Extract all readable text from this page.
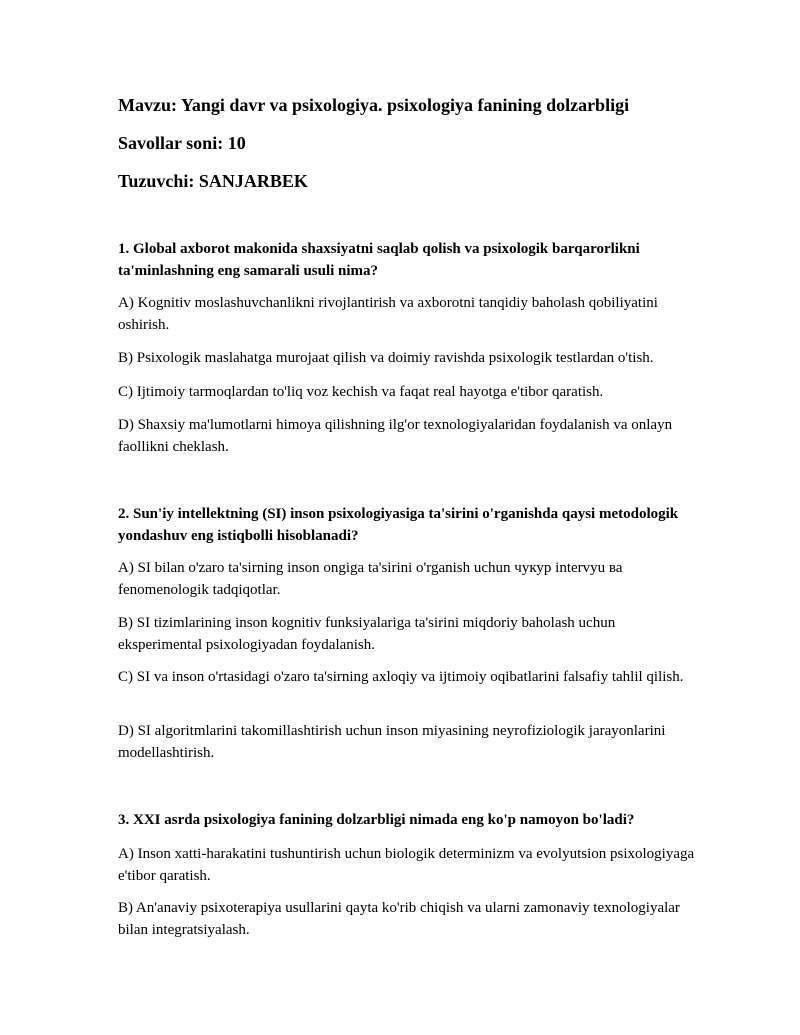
Mavzu: Yangi davr va psixologiya. psixologiya fanining dolzarbligi
Savollar soni: 10
Tuzuvchi: SANJARBEK
1. Global axborot makonida shaxsiyatni saqlab qolish va psixologik barqarorlikni ta'minlashning eng samarali usuli nima?
A) Kognitiv moslashuvchanlikni rivojlantirish va axborotni tanqidiy baholash qobiliyatini oshirish.
B) Psixologik maslahatga murojaat qilish va doimiy ravishda psixologik testlardan o'tish.
C) Ijtimoiy tarmoqlardan to'liq voz kechish va faqat real hayotga e'tibor qaratish.
D) Shaxsiy ma'lumotlarni himoya qilishning ilg'or texnologiyalaridan foydalanish va onlayn faollikni cheklash.
2. Sun'iy intellektning (SI) inson psixologiyasiga ta'sirini o'rganishda qaysi metodologik yondashuv eng istiqbolli hisoblanadi?
A) SI bilan o'zaro ta'sirning inson ongiga ta'sirini o'rganish uchun чукур intervyu ва fenomenologik tadqiqotlar.
B) SI tizimlarining inson kognitiv funksiyalariga ta'sirini miqdoriy baholash uchun eksperimental psixologiyadan foydalanish.
C) SI va inson o'rtasidagi o'zaro ta'sirning axloqiy va ijtimoiy oqibatlarini falsafiy tahlil qilish.
D) SI algoritmlarini takomillashtirish uchun inson miyasining neyrofiziologik jarayonlarini modellashtirish.
3. XXI asrda psixologiya fanining dolzarbligi nimada eng ko'p namoyon bo'ladi?
A) Inson xatti-harakatini tushuntirish uchun biologik determinizm va evolyutsion psixologiyaga e'tibor qaratish.
B) An'anaviy psixoterapiya usullarini qayta ko'rib chiqish va ularni zamonaviy texnologiyalar bilan integratsiyalash.
